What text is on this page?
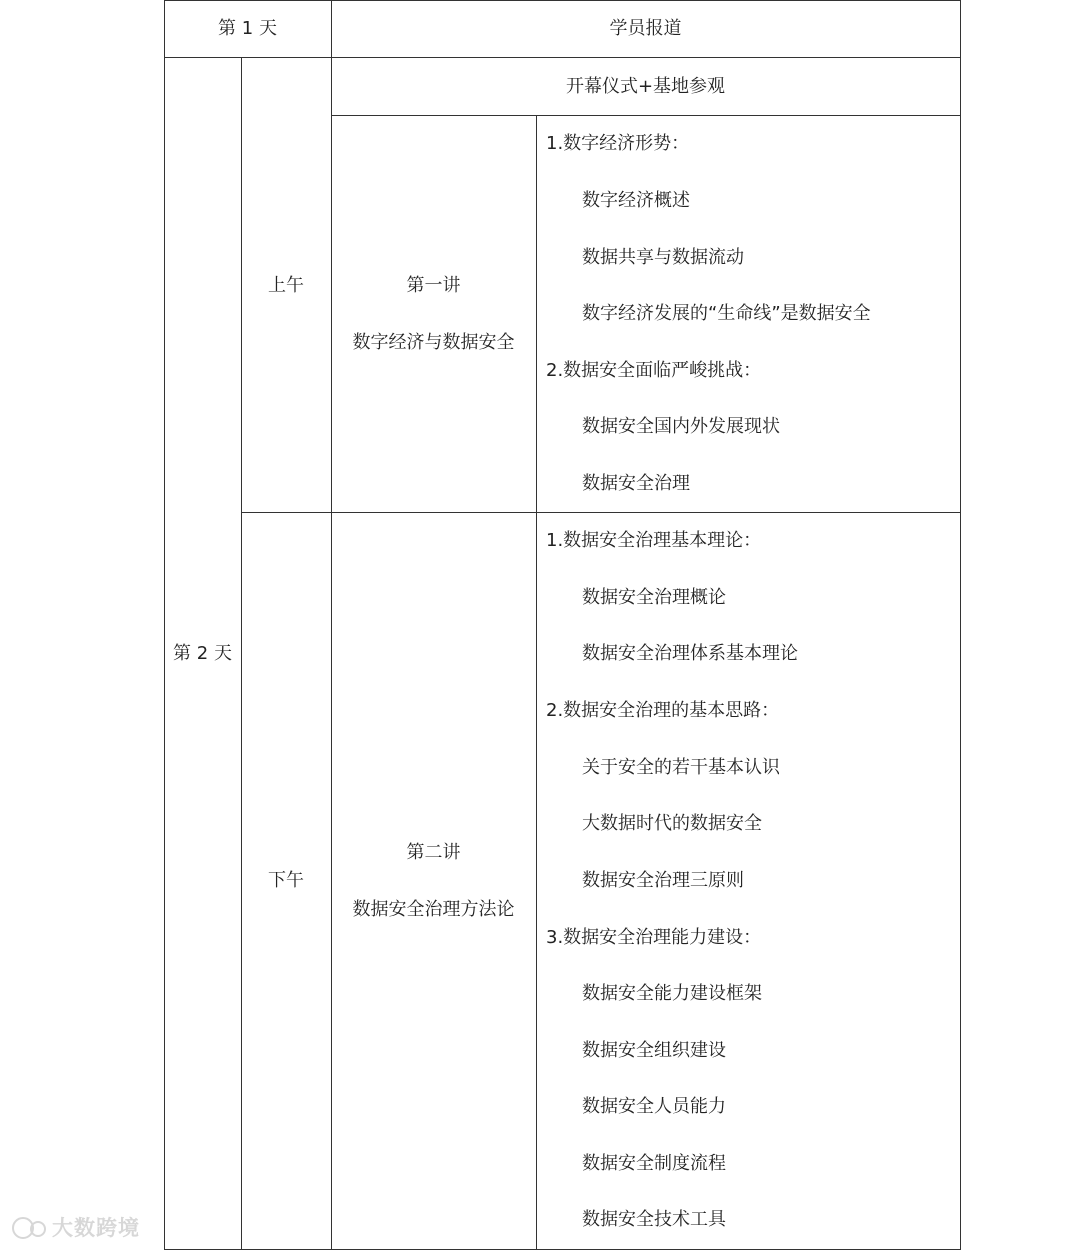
第 1 天	学员报道
第 2 天
开幕仪式+基地参观
上午	第一讲
数字经济与数据安全
1.数字经济形势：
数字经济概述
数据共享与数据流动
数字经济发展的“生命线”是数据安全
2.数据安全面临严峻挑战：
数据安全国内外发展现状
数据安全治理
下午
第二讲
数据安全治理方法论
1.数据安全治理基本理论：
数据安全治理概论
数据安全治理体系基本理论
2.数据安全治理的基本思路：
关于安全的若干基本认识
大数据时代的数据安全
数据安全治理三原则
3.数据安全治理能力建设：
数据安全能力建设框架
数据安全组织建设
数据安全人员能力
数据安全制度流程
数据安全技术工具
大数跨境
